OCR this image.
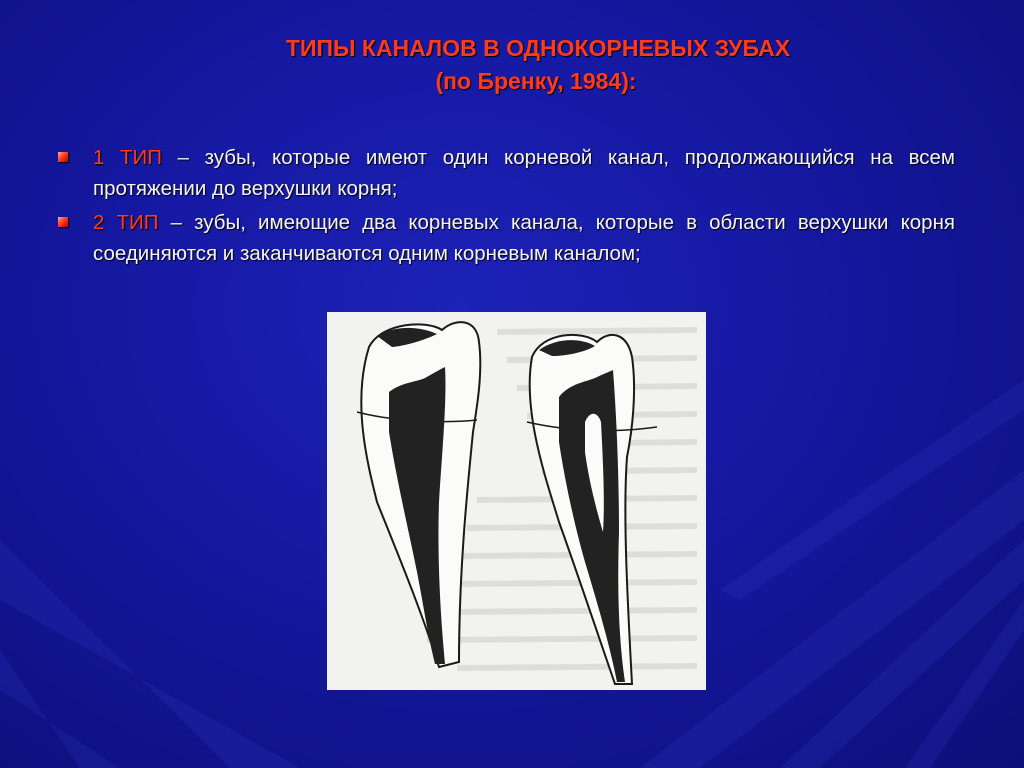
ТИПЫ КАНАЛОВ В ОДНОКОРНЕВЫХ ЗУБАХ
(по Бренку, 1984):
1 ТИП – зубы, которые имеют один корневой канал, продолжающийся на всем протяжении до верхушки корня;
2 ТИП – зубы, имеющие два корневых канала, которые в области верхушки корня соединяются и заканчиваются одним корневым каналом;
